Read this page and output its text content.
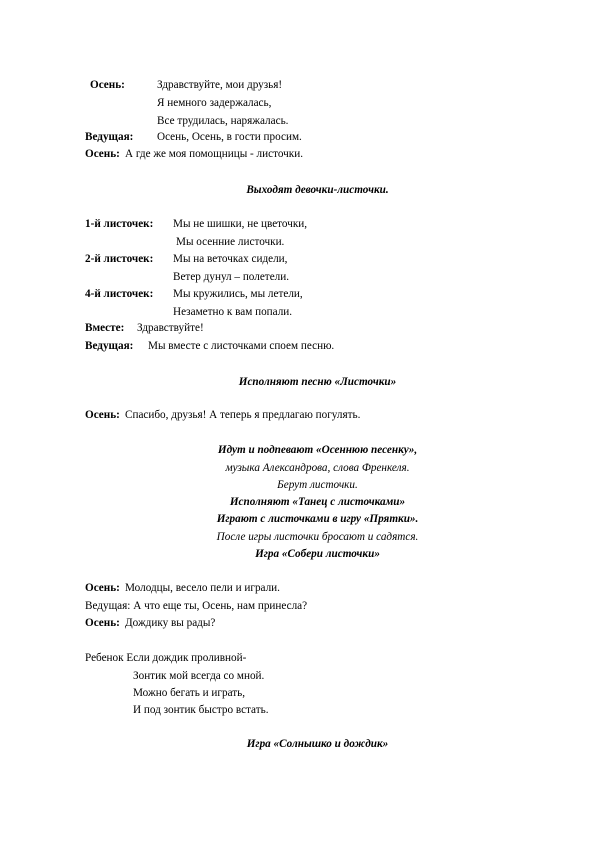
Осень:	Здравствуйте, мои друзья!
Я немного задержалась,
Все трудилась, наряжалась.
Ведущая: Осень, Осень, в гости просим.
Осень: А где же моя помощницы - листочки.
Выходят девочки-листочки.
1-й листочек: Мы не шишки, не цветочки,
Мы осенние листочки.
2-й листочек: Мы на веточках сидели,
Ветер дунул – полетели.
4-й листочек: Мы кружились, мы летели,
Незаметно к вам попали.
Вместе: Здравствуйте!
Ведущая: Мы вместе с листочками споем песню.
Исполняют песню «Листочки»
Осень: Спасибо, друзья! А теперь я предлагаю погулять.
Идут и подпевают «Осеннюю песенку»,
музыка Александрова, слова Френкеля.
Берут листочки.
Исполняют «Танец с листочками»
Играют с листочками в игру «Прятки».
После игры листочки бросают и садятся.
Игра «Собери листочки»
Осень: Молодцы, весело пели и играли.
Ведущая: А что еще ты, Осень, нам принесла?
Осень: Дождику вы рады?
Ребенок Если дождик проливной-
Зонтик мой всегда со мной.
Можно бегать и играть,
И под зонтик быстро встать.
Игра «Солнышко и дождик»
